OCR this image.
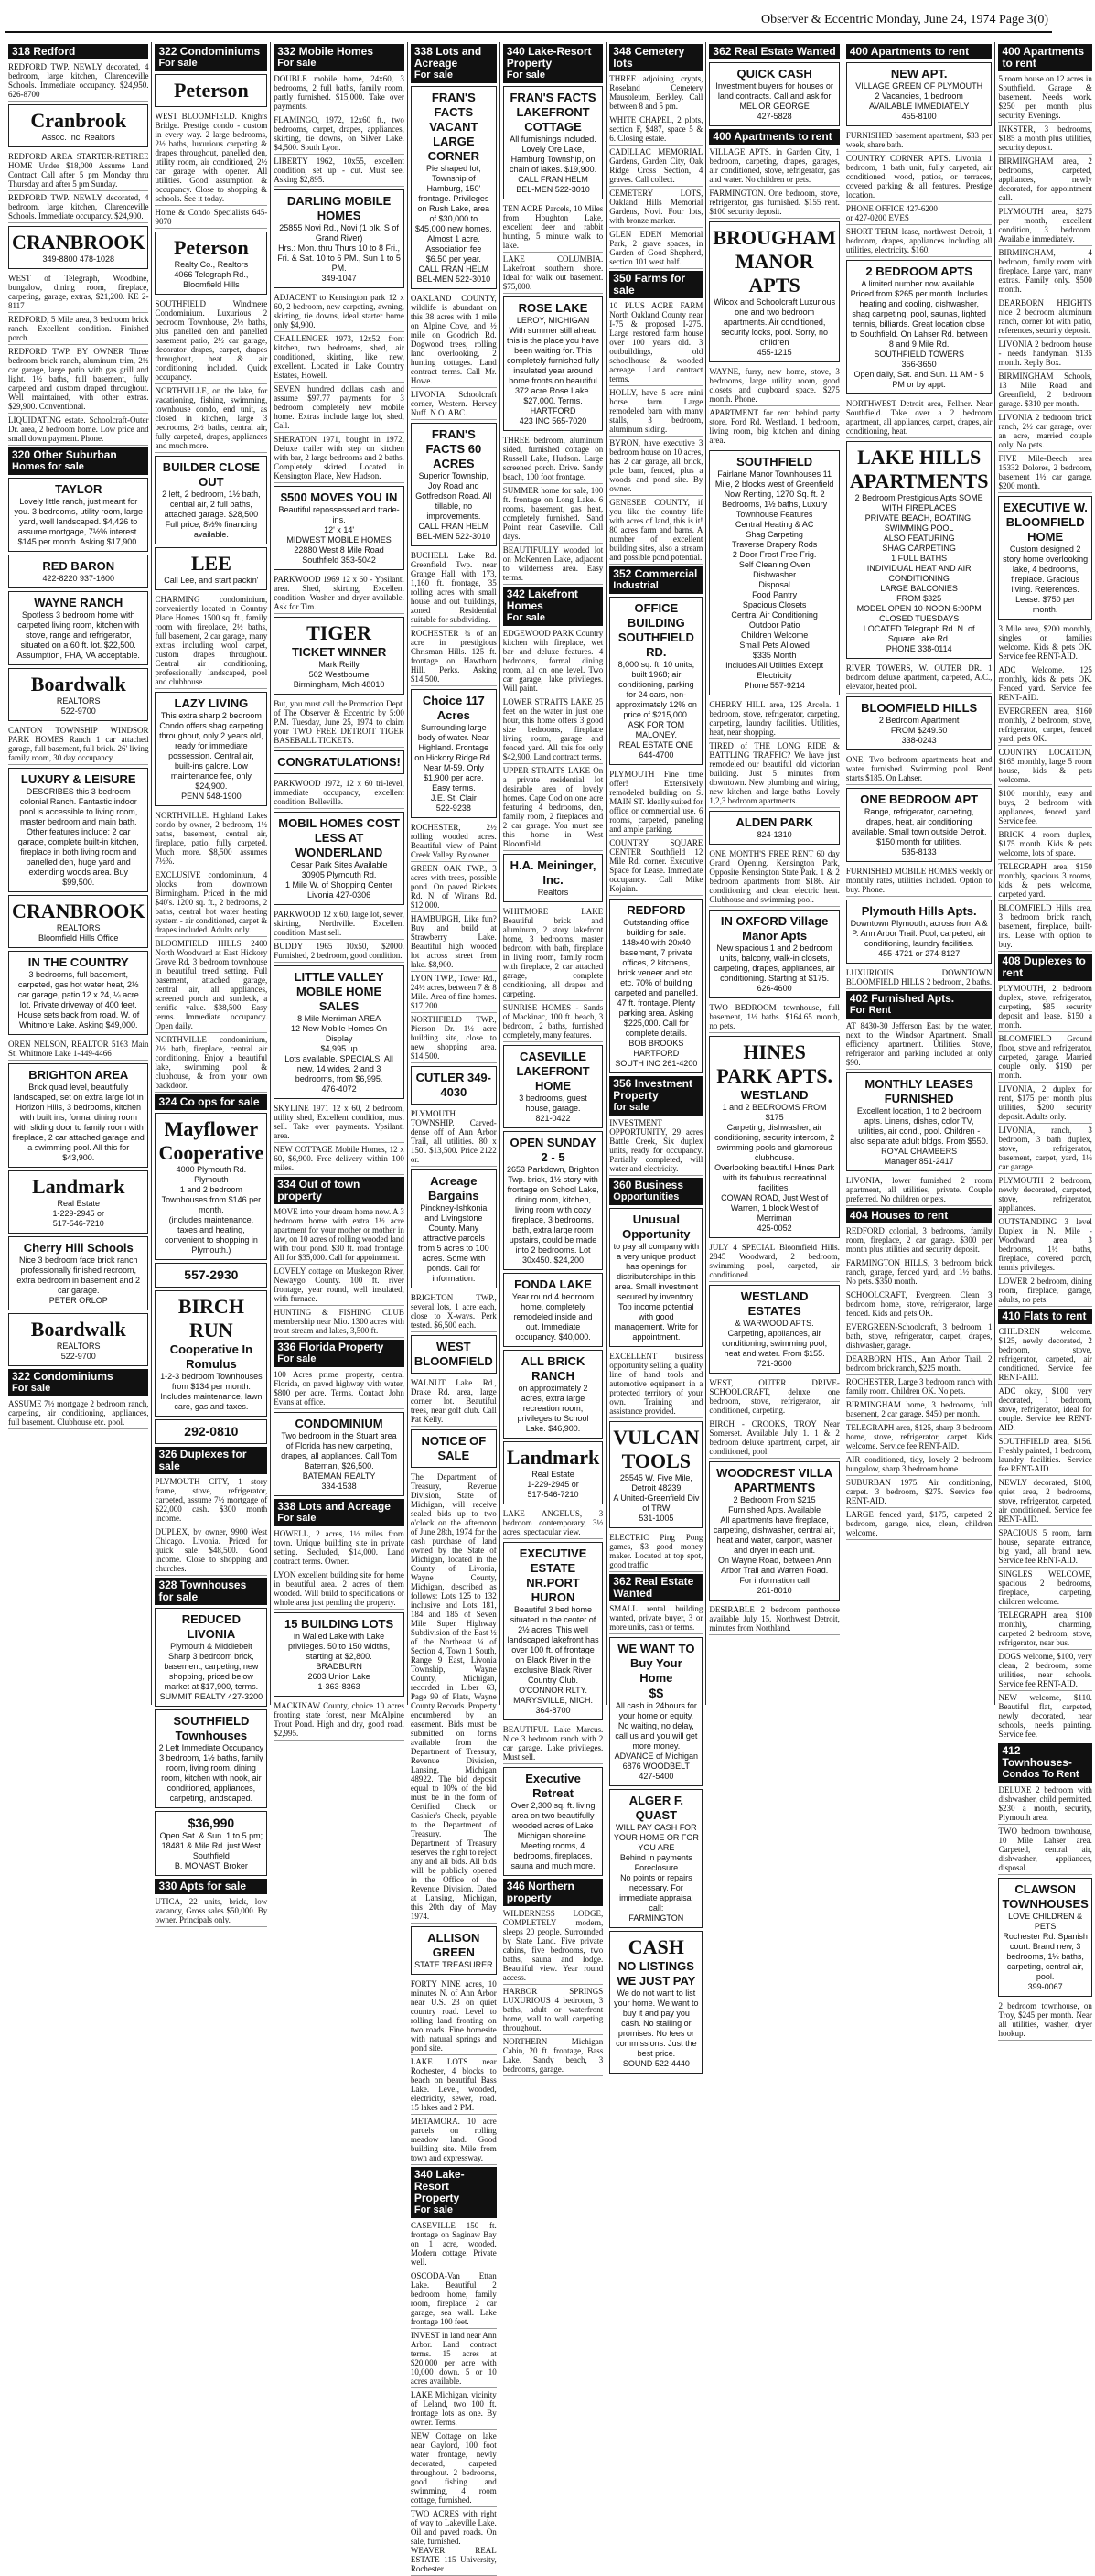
Observer & Eccentric Monday, June 24, 1974 Page 3(0)
318 Redford
REDFORD TWP. NEWLY decorated, 4 bedroom, large kitchen, Clarenceville Schools. Immediate occupancy. $24,950. 626-8700
Cranbrook
Assoc. Inc. Realtors
REDFORD AREA STARTER-RETIREE HOME Under $18,000 Assume Land Contract Call after 5 pm Monday thru Thursday and after 5 pm Sunday.
REDFORD TWP. NEWLY decorated, 4 bedroom, large kitchen, Clarenceville Schools. Immediate occupancy. $24,900.
CRANBROOK
349-8800 478-1028
WEST of Telegraph, Woodbine, bungalow, dining room, fireplace, carpeting, garage, extras, $21,200. KE 2-8117
REDFORD, 5 Mile area, 3 bedroom brick ranch. Excellent condition. Finished porch.
REDFORD TWP. BY OWNER Three bedroom brick ranch, aluminum trim, 2½ car garage, large patio with gas grill and light. 1½ baths, full basement, fully carpeted and custom draped throughout. Well maintained, with other extras. $29,900. Conventional.
LIQUIDATING estate. Schoolcraft-Outer Dr. area, 2 bedroom home. Low price and small down payment. Phone.
320 Other Suburban
Homes for sale
TAYLOR
Lovely little ranch, just meant for you. 3 bedrooms, utility room, large yard, well landscaped. $4,426 to assume mortgage, 7½% interest. $145 per month. Asking $17,900.
RED BARON
422-8220 937-1600
WAYNE RANCH
Spotless 3 bedroom home with carpeted living room, kitchen with stove, range and refrigerator, situated on a 60 ft. lot. $22,500. Assumption, FHA, VA acceptable.
Boardwalk
REALTORS
522-9700
CANTON TOWNSHIP WINDSOR PARK HOMES Ranch 1 car attached garage, full basement, full brick. 26' living family room, 30 day occupancy.
LUXURY & LEISURE
DESCRIBES this 3 bedroom colonial Ranch. Fantastic indoor pool is accessible to living room, master bedroom and main bath. Other features include: 2 car garage, complete built-in kitchen, fireplace in both living room and panelled den, huge yard and extending woods area. Buy $99,500.
CRANBROOK
REALTORS
Bloomfield Hills Office
IN THE COUNTRY
3 bedrooms, full basement, carpeted, gas hot water heat, 2½ car garage, patio 12 x 24, ¼ acre lot. Private driveway of 400 feet. House sets back from road. W. of Whitmore Lake. Asking $49,000.
OREN NELSON, REALTOR 5163 Main St. Whitmore Lake 1-449-4466
BRIGHTON AREA
Brick quad level, beautifully landscaped, set on extra large lot in Horizon Hills, 3 bedrooms, kitchen with built ins, formal dining room with sliding door to family room with fireplace, 2 car attached garage and a swimming pool. All this for $43,900.
Landmark
Real Estate
1-229-2945 or
517-546-7210
Cherry Hill Schools
Nice 3 bedroom face brick ranch professionally finished recroom, extra bedroom in basement and 2 car garage.
PETER ORLOP
Boardwalk
REALTORS
522-9700
322 Condominiums
For sale
ASSUME 7½ mortgage 2 bedroom ranch, carpeting, air conditioning, appliances, full basement. Clubhouse etc. pool.
322 Condominiums
For sale
Peterson
WEST BLOOMFIELD. Knights Bridge. Prestige condo - custom in every way. 2 large bedrooms, 2½ baths, luxurious carpeting & drapes throughout, panelled den, utility room, air conditioned, 2½ car garage with opener. All utilities. Good assumption & occupancy. Close to shopping & schools. See it today.
Home & Condo Specialists 645-9070
Peterson
Realty Co., Realtors
4066 Telegraph Rd., Bloomfield Hills
SOUTHFIELD Windmere Condominium. Luxurious 2 bedroom Townhouse, 2½ baths, plus panelled den and panelled basement patio, 2½ car garage, decorator drapes, carpet, drapes throughout, heat & air conditioning included. Quick occupancy.
NORTHVILLE, on the lake, for vacationing, fishing, swimming, townhouse condo, end unit, as closed in kitchen, large 3 bedrooms, 2½ baths, central air, fully carpeted, drapes, appliances and much more.
BUILDER CLOSE OUT
2 left, 2 bedroom, 1½ bath, central air, 2 full baths, attached garage. $28,500 Full price, 8½% financing available.
LEE
Call Lee, and start packin'
CHARMING condominium, conveniently located in Country Place Homes. 1500 sq. ft., family room with fireplace, 2½ baths, full basement, 2 car garage, many extras including wool carpet, custom drapes throughout. Central air conditioning, professionally landscaped, pool and clubhouse.
LAZY LIVING
This extra sharp 2 bedroom Condo offers shag carpeting throughout, only 2 years old, ready for immediate possession. Central air, built-ins galore. Low maintenance fee, only $24,900.
PENN 548-1900
NORTHVILLE. Highland Lakes condo by owner, 2 bedroom, 1½ baths, basement, central air, fireplace, patio, fully carpeted. Much more. $8,500 assumes 7½%.
EXCLUSIVE condominium, 4 blocks from downtown Birmingham. Priced in the mid $40's. 1200 sq. ft., 2 bedrooms, 2 baths, central hot water heating system - air conditioned, carpet & drapes included. Adults only.
BLOOMFIELD HILLS 2400 North Woodward at East Hickory Grove Rd. 3 bedroom townhouse in beautiful treed setting. Full basement, attached garage, central air, all appliances, screened porch and sundeck, a terrific value. $38,500. Easy terms. Immediate occupancy. Open daily.
NORTHVILLE condominium, 2½ bath, fireplace, central air conditioning. Enjoy a beautiful lake, swimming pool & clubhouse, & from your own backdoor.
324 Co ops for sale
Mayflower Cooperative
4000 Plymouth Rd. Plymouth
1 and 2 bedroom Townhouses from $146 per month.
(includes maintenance, taxes and heating, convenient to shopping in Plymouth.)
557-2930
BIRCH RUN
Cooperative In Romulus
1-2-3 bedroom Townhouses from $134 per month.
Includes maintenance, lawn care, gas and taxes.
292-0810
326 Duplexes for sale
PLYMOUTH CITY, 1 story frame, stove, refrigerator, carpeted, assume 7½ mortgage of $22,000 cash. $300 month income.
DUPLEX, by owner, 9900 West Chicago. Livonia. Priced for quick sale $48,500. Good income. Close to shopping and churches.
328 Townhouses for sale
REDUCED LIVONIA
Plymouth & Middlebelt
Sharp 3 bedroom brick, basement, carpeting, new shopping, priced below market at $17,900, terms.
SUMMIT REALTY 427-3200
SOUTHFIELD Townhouses
2 Left Immediate Occupancy
3 bedroom, 1½ baths, family room, living room, dining room, kitchen with nook, air conditioned, appliances, carpeting, landscaped.
$36,990
Open Sat. & Sun. 1 to 5 pm; 18481 & Mile Rd. just West Southfield
B. MONAST, Broker
330 Apts for sale
UTICA, 22 units, brick, low vacancy, Gross sales $50,000. By owner. Principals only.
332 Mobile Homes
For sale
DOUBLE mobile home, 24x60, 3 bedrooms, 2 full baths, family room, partly furnished. $15,000. Take over payments.
FLAMINGO, 1972, 12x60 ft., two bedrooms, carpet, drapes, appliances, skirting, tie downs, on Silver Lake. $4,500. South Lyon.
LIBERTY 1962, 10x55, excellent condition, set up - cut. Must see. Asking $2,895.
DARLING MOBILE HOMES
25855 Novi Rd., Novi (1 blk. S of Grand River)
Hrs.: Mon. thru Thurs 10 to 8 Fri., Fri. & Sat. 10 to 6 PM., Sun 1 to 5 PM.
349-1047
ADJACENT to Kensington park 12 x 60, 2 bedroom, new carpeting, awning, skirting, tie downs, ideal starter home only $4,900.
CHALLENGER 1973, 12x52, front kitchen, two bedrooms, shed, air conditioned, skirting, like new, excellent. Located in Lake Country Estates, Howell.
SEVEN hundred dollars cash and assume $97.77 payments for 3 bedroom completely new mobile home. Extras include large lot, shed, Call.
SHERATON 1971, bought in 1972, Deluxe trailer with step on kitchen with bar, 2 large bedrooms and 2 baths. Completely skirted. Located in Kensington Place, New Hudson.
$500 MOVES YOU IN
Beautiful repossessed and trade-ins.
12' x 14'
MIDWEST MOBILE HOMES 22880 West 8 Mile Road
Southfield 353-5042
PARKWOOD 1969 12 x 60 - Ypsilanti area. Shed, skirting, Excellent condition. Washer and dryer available. Ask for Tim.
TIGER
TICKET WINNER
Mark Reilly
502 Westbourne
Birmingham, Mich 48010
But, you must call the Promotion Dept. of The Observer & Eccentric by 5:00 P.M. Tuesday, June 25, 1974 to claim your TWO FREE DETROIT TIGER BASEBALL TICKETS.
CONGRATULATIONS!
PARKWOOD 1972, 12 x 60 tri-level, immediate occupancy, excellent condition. Belleville.
MOBIL HOMES COST LESS AT WONDERLAND
Cesar Park Sites Available
30905 Plymouth Rd.
1 Mile W. of Shopping Center
Livonia 427-0306
PARKWOOD 12 x 60, large lot, sewer, skirting, Northville. Excellent condition. Must sell.
BUDDY 1965 10x50, $2000. Furnished, 2 bedroom, good condition.
LITTLE VALLEY MOBILE HOME SALES
8 Mile Merriman AREA
12 New Mobile Homes On Display
$4,995 up
Lots available. SPECIALS! All new, 14 wides, 2 and 3 bedrooms, from $6,995.
476-4072
SKYLINE 1971 12 x 60, 2 bedroom, utility shed, Excellent condition, must sell. Take over payments. Ypsilanti area.
NEW COTTAGE Mobile Homes, 12 x 60, $6,900. Free delivery within 100 miles.
334 Out of town property
MOVE into your dream home now. A 3 bedroom home with extra 1½ acre apartment for your mother or mother in law, on 10 acres of rolling wooded land with trout pond. $30 ft. road frontage. All for $35,000. Call for appointment.
LOVELY cottage on Muskegon River, Newaygo County. 100 ft. river frontage, year round, well insulated, with furnace.
HUNTING & FISHING CLUB membership near Mio. 1300 acres with trout stream and lakes, 3,500 ft.
336 Florida Property
For sale
100 Acres prime property, central Florida, on paved highway with water, $800 per acre. Terms. Contact John Evans at office.
CONDOMINIUM
Two bedroom in the Stuart area of Florida has new carpeting, drapes, all appliances. Call Tom Bateman, $26,500.
BATEMAN REALTY
334-1538
338 Lots and Acreage
For sale
HOWELL, 2 acres, 1½ miles from town. Unique building site in private setting. Secluded, $14,000. Land contract terms. Owner.
LYON excellent building site for home in beautiful area. 2 acres of them wooded. Will build to specifications or whole area just pending the property.
15 BUILDING LOTS
in Walled Lake with Lake privileges. 50 to 150 widths, starting at $2,800.
BRADBURN
2603 Union Lake
1-363-8363
MACKINAW County, choice 10 acres fronting state forest, near McAlpine Trout Pond. High and dry, good road. $2,995.
338 Lots and Acreage
For sale
FRAN'S FACTS VACANT LARGE CORNER
Pie shaped lot, Township of Hamburg, 150' frontage. Privileges on Rush Lake, area of $30,000 to $45,000 new homes. Almost 1 acre. Association fee $6.50 per year.
CALL FRAN HELM
BEL-MEN 522-3010
OAKLAND COUNTY, wildlife is abundant on this 38 acres with 1 mile on Alpine Cove, and ½ mile on Goodrich Rd. Dogwood trees, rolling land overlooking, 2 hunting cottages. Land contract terms. Call Mr. Howe.
LIVONIA, Schoolcraft corner, Western. Hervey Nuff. N.O. ABC.
FRAN'S FACTS 60 ACRES
Superior Township, Joy Road and Gotfredson Road. All tillable, no improvements.
CALL FRAN HELM
BEL-MEN 522-3010
BUCHELL Lake Rd. Greenfield Twp. near Grange Hall with 173, 1,160 ft. frontage, 35 rolling acres with small house and out buildings, zoned Residential suitable for subdividing.
ROCHESTER ¾ of an acre in prestigious Chrisman Hills. 125 ft. frontage on Hawthorn Hill. Perks. Asking $14,500.
Choice 117 Acres
Surrounding large body of water. Near Highland. Frontage on Hickory Ridge Rd. Near M-59. Only $1,900 per acre. Easy terms.
J.E. St. Clair
522-9238
ROCHESTER, 2½ rolling wooded acres. Beautiful view of Paint Creek Valley. By owner.
GREEN OAK TWP., 3 acres with trees, possible pond. On paved Rickets Rd. N. of Winans Rd. $12,000.
HAMBURGH, Like fun? Buy and build at Strawberry Lake. Beautiful high wooded lot across street from lake. $8,900.
LYON TWP., Tower Rd., 24½ acres, between 7 & 8 Mile. Area of fine homes. $17,200.
NORTHFIELD TWP., Pierson Dr. 1½ acre building site, close to new shopping area. $14,500.
CUTLER 349-4030
PLYMOUTH TOWNSHIP. Carved-dense off of Ann Arbor Trail, all utilities. 80 x 150'. $13,500. Price 2122 or.
Acreage Bargains
Pinckney-Ishkonia and Livingstone County. Many attractive parcels from 5 acres to 100 acres. Some with ponds. Call for information.
BRIGHTON TWP., several lots, 1 acre each, close to X-ways. Perk tested. $6,500 each.
WEST BLOOMFIELD
WALNUT Lake Rd., Drake Rd. area, large corner lot. Beautiful trees, near golf club. Call Pat Kelly.
NOTICE OF SALE
The Department of Treasury, Revenue Division, State of Michigan, will receive sealed bids up to two o'clock on the afternoon of June 28th, 1974 for the cash purchase of land owned by the State of Michigan, located in the County of Livonia, Wayne County, Michigan, described as follows: Lots 125 to 132 inclusive and Lots 181, 184 and 185 of Seven Mile Super Highway Subdivision of the East ½ of the Northeast ¼ of Section 4, Town 1 South, Range 9 East, Livonia Township, Wayne County, Michigan, recorded in Liber 63, Page 99 of Plats, Wayne County Records. Property encumbered by an easement. Bids must be submitted on forms available from the Department of Treasury, Revenue Division, Lansing, Michigan 48922. The bid deposit equal to 10% of the bid must be in the form of Certified Check or Cashier's Check, payable to the Department of Treasury. The Department of Treasury reserves the right to reject any and all bids. All bids will be publicly opened in the Office of the Revenue Division. Dated at Lansing, Michigan, this 20th day of May 1974.
ALLISON GREEN
STATE TREASURER
FORTY NINE acres, 10 minutes N. of Ann Arbor near U.S. 23 on quiet country road. Level to rolling land fronting on two roads. Fine homesite with natural springs and pond site.
LAKE LOTS near Rochester, 4 blocks to beach on beautiful Bass Lake. Level, wooded, electricity, sewer, road. 15 lakes and 2 PM.
METAMORA. 10 acre parcels on rolling meadow land. Good building site. Mile from town and expressway.
340 Lake-Resort Property
For sale
CASEVILLE 150 ft. frontage on Saginaw Bay on 1 acre, wooded. Modern cottage. Private well.
OSCODA-Van Ettan Lake. Beautiful 2 bedroom home, family room, fireplace, 2 car garage, sea wall. Lake frontage 100 feet.
INVEST in land near Ann Arbor. Land contract terms. 15 acres at $20,000 per acre with 10,000 down. 5 or 10 acres available.
LAKE Michigan, vicinity of Leland, two 100 ft. frontage lots as one. By owner. Terms.
NEW Cottage on lake near Gaylord, 100 foot water frontage, newly decorated, carpeted throughout. 2 bedrooms, good fishing and swimming, 4 room cottage, furnished.
TWO ACRES with right of way to Lakeville Lake. Oil and paved roads. On sale, furnished.
WEAVER REAL ESTATE 115 University, Rochester
340 Lake-Resort Property
For sale
FRAN'S FACTS LAKEFRONT COTTAGE
All furnishings included. Lovely Ore Lake, Hamburg Township, on chain of lakes. $19,900.
CALL FRAN HELM
BEL-MEN 522-3010
TEN ACRE Parcels, 10 Miles from Houghton Lake, excellent deer and rabbit hunting, 5 minute walk to lake.
LAKE COLUMBIA. Lakefront southern shore. Ideal for walk out basement. $75,000.
ROSE LAKE
LEROY, MICHIGAN
With summer still ahead this is the place you have been waiting for. This completely furnished fully insulated year around home fronts on beautiful 372 acre Rose Lake. $27,000. Terms.
HARTFORD
423 INC 565-7020
THREE bedroom, aluminum sided, furnished cottage on Russell Lake, Hudson. Large screened porch. Drive. Sandy beach, 100 foot frontage.
SUMMER home for sale, 100 ft. frontage on Long Lake. 6 rooms, basement, gas heat, completely furnished. Sand Point near Caseville. Call days.
BEAUTIFULLY wooded lot on McKennen Lake, adjacent to wilderness area. Easy terms.
342 Lakefront Homes
For sale
EDGEWOOD PARK Country kitchen with fireplace, wet bar and deluxe features. 4 bedrooms, formal dining room, all on one level. Two car garage, lake privileges. Will paint.
LOWER STRAITS LAKE 25 feet on the water in just one hour, this home offers 3 good size bedrooms, fireplace living room, garage and fenced yard. All this for only $42,900. Land contract terms.
UPPER STRAITS LAKE On a private residential lot desirable area of lovely homes. Cape Cod on one acre featuring 4 bedrooms, den, family room, 2 fireplaces and 2 car garage. You must see this home in West Bloomfield.
H.A. Meininger, Inc.
Realtors
WHITMORE LAKE Beautiful brick and aluminum, 2 story lakefront home, 3 bedrooms, master bedroom with bath, fireplace in living room, family room with fireplace, 2 car attached garage, complete conditioning, all drapes and carpeting.
SUNRISE HOMES - Sands of Mackinac, 100 ft. beach, 3 bedroom, 2 baths, furnished completely, many features.
CASEVILLE LAKEFRONT HOME
3 bedrooms, guest house, garage.
821-0422
OPEN SUNDAY 2 - 5
2653 Parkdown, Brighton Twp. brick, 1½ story with frontage on School Lake, dining room, kitchen, living room with cozy fireplace, 3 bedrooms, bath, extra large room upstairs, could be made into 2 bedrooms. Lot 30x450. $24,200
FONDA LAKE
Year round 4 bedroom home, completely remodeled inside and out. Immediate occupancy. $40,000.
ALL BRICK RANCH
on approximately 2 acres, extra large recreation room, privileges to School Lake. $46,900.
Landmark
Real Estate
1-229-2945 or
517-546-7210
LAKE ANGELUS, 3 bedroom contemporary, 3½ acres, spectacular view.
EXECUTIVE ESTATE NR.PORT HURON
Beautiful 3 bed home situated in the center of 2½ acres. This well landscaped lakefront has over 100 ft. of frontage on Black River in the exclusive Black River Country Club.
O'CONNOR RLTY.
MARYSVILLE, MICH.
364-8700
BEAUTIFUL Lake Marcus. Nice 3 bedroom ranch with 2 car garage. Lake privileges. Must sell.
Executive Retreat
Over 2,300 sq. ft. living area on two beautifully wooded acres of Lake Michigan shoreline. Meeting rooms, 4 bedrooms, fireplaces, sauna and much more.
346 Northern property
WILDERNESS LODGE, COMPLETELY modern, sleeps 20 people. Surrounded by State Land. Five private cabins, five bedrooms, two baths, sauna and lodge. Beautiful view. Year round access.
HARBOR SPRINGS LUXURIOUS 4 bedroom, 3 baths, adult or waterfront home, wall to wall carpeting throughout.
NORTHERN Michigan Cabin, 20 ft. frontage, Bass Lake. Sandy beach, 3 bedrooms, garage.
348 Cemetery lots
THREE adjoining crypts, Roseland Cemetery Mausoleum, Berkley. Call between 8 and 5 pm.
WHITE CHAPEL, 2 plots, section F, $487, space 5 & 6. Closing estate.
CADILLAC MEMORIAL Gardens, Garden City, Oak Ridge Cross Section, 4 graves. Call collect.
CEMETERY LOTS, Oakland Hills Memorial Gardens, Novi. Four lots, with bronze marker.
GLEN EDEN Memorial Park, 2 grave spaces, in Garden of Good Shepherd, section 101 west half.
350 Farms for sale
10 PLUS ACRE FARM North Oakland County near I-75 & proposed I-275. Large restored farm house over 100 years old. 3 outbuildings, old schoolhouse & wooded acreage. Land contract terms.
HOLLY, have 5 acre mini horse farm. Large remodeled barn with many stalls, 3 bedroom, aluminum siding.
BYRON, have executive 3 bedroom house on 10 acres, has 2 car garage, all brick, pole barn, fenced, plus a woods and pond site. By owner.
GENESEE COUNTY, if you like the country life with acres of land, this is it! 80 acres farm and barns. A number of excellent building sites, also a stream and possible pond potential.
352 Commercial
Industrial
OFFICE BUILDING SOUTHFIELD RD.
8,000 sq. ft. 10 units, built 1968; air conditioning, parking for 24 cars, non-approximately 12% on price of $215,000.
ASK FOR TOM MALONEY.
REAL ESTATE ONE
644-4700
PLYMOUTH Fine time offer! Extensively remodeled building on S. MAIN ST. Ideally suited for office or commercial use. 6 rooms, carpeted, paneling and ample parking.
COUNTRY SQUARE CENTER Southfield 12 Mile Rd. corner. Executive Space for Lease. Immediate occupancy. Call Mike Kojaian.
REDFORD
Outstanding office building for sale. 148x40 with 20x40 basement, 7 private offices, 2 kitchens, brick veneer and etc. etc. 70% of building carpeted and panelled. 47 ft. frontage. Plenty parking area. Asking $225,000. Call for complete details.
BOB BROOKS
HARTFORD
SOUTH INC 261-4200
356 Investment Property
for sale
INVESTMENT OPPORTUNITY, 29 acres Battle Creek, Six duplex units, ready for occupancy. Partially completed, will water and electricity.
360 Business
Opportunities
Unusual Opportunity
to pay all company with a very unique product has openings for distributorships in this area. Small investment secured by inventory. Top income potential with good management. Write for appointment.
EXCELLENT business opportunity selling a quality line of hand tools and automotive equipment in a protected territory of your own. Training and assistance provided.
VULCAN TOOLS
25545 W. Five Mile, Detroit 48239
A United-Greenfield Div of TRW
531-1005
ELECTRIC Ping Pong games, $3 good money maker. Located at top spot, good traffic.
362 Real Estate Wanted
SMALL rental building wanted, private buyer, 3 or more units, cash or terms.
WE WANT TO Buy Your Home
$$
All cash in 24hours for your home or equity. No waiting, no delay, call us and you will get more money.
ADVANCE of Michigan
6876 WOODBELT
427-5400
ALGER F. QUAST
WILL PAY CASH FOR YOUR HOME OR FOR YOU ARE
Behind in payments
Foreclosure
No points or repairs necessary. For immediate appraisal call:
FARMINGTON
CASH
NO LISTINGS WE JUST PAY
We do not want to list your home. We want to buy it and pay you cash. No stalling or promises. No fees or commissions. Just the best price.
SOUND 522-4440
362 Real Estate Wanted
QUICK CASH
Investment buyers for houses or land contracts. Call and ask for
MEL OR GEORGE
427-5828
400 Apartments to rent
VILLAGE APTS. in Garden City, 1 bedroom, carpeting, drapes, garages, air conditioned, stove, refrigerator, gas and water. No children or pets.
FARMINGTON. One bedroom, stove, refrigerator, gas furnished. $155 rent. $100 security deposit.
BROUGHAM MANOR APTS
Wilcox and Schoolcraft Luxurious one and two bedroom apartments. Air conditioned, security locks, pool. Sorry, no children
455-1215
WAYNE, furry, new home, stove, 3 bedrooms, large utility room, good closets and cupboard space. $275 month. Phone.
APARTMENT for rent behind party store. Ford Rd. Westland. 1 bedroom, living room, big kitchen and dining area.
SOUTHFIELD
Fairlane Manor Townhouses 11 Mile, 2 blocks west of Greenfield Now Renting, 1270 Sq. ft. 2 Bedrooms, 1½ baths, Luxury Townhouse Features
Central Heating & AC
Shag Carpeting
Traverse Drapery Rods
2 Door Frost Free Frig.
Self Cleaning Oven
Dishwasher
Disposal
Food Pantry
Spacious Closets
Central Air Conditioning
Outdoor Patio
Children Welcome
Small Pets Allowed
$335 Month
Includes All Utilities Except Electricity
Phone 557-9214
CHERRY HILL area, 125 Arcola. 1 bedroom, stove, refrigerator, carpeting, carpeting, laundry facilities. Utilities, heat, near shopping.
TIRED of THE LONG RIDE & BATTLING TRAFFIC? We have just remodeled our beautiful old victorian building. Just 5 minutes from downtown. New plumbing and wiring, new kitchen and large baths. Lovely 1,2,3 bedroom apartments.
ALDEN PARK
824-1310
ONE MONTH'S FREE RENT 60 day Grand Opening. Kensington Park, Opposite Kensington State Park. 1 & 2 bedroom apartments from $186. Air conditioning and clean electric heat. Clubhouse and swimming pool.
IN OXFORD Village Manor Apts
New spacious 1 and 2 bedroom units, balcony, walk-in closets, carpeting, drapes, appliances, air conditioning. Starting at $175.
626-4600
TWO BEDROOM townhouse, full basement, 1½ baths. $164.65 month, no pets.
HINES PARK APTS.
WESTLAND
1 and 2 BEDROOMS FROM $175
Carpeting, dishwasher, air conditioning, security intercom, 2 swimming pools and glamorous clubhouse.
Overlooking beautiful Hines Park with its fabulous recreational facilities.
COWAN ROAD, Just West of Warren, 1 block West of Merriman
425-0052
JULY 4 SPECIAL Bloomfield Hills. 2845 Woodward, 2 bedroom, swimming pool, carpeted, air conditioned.
WESTLAND ESTATES
& WARWOOD APTS.
Carpeting, appliances, air conditioning, swimming pool, heat and water. From $155.
721-3600
WEST, OUTER DRIVE-SCHOOLCRAFT, deluxe one bedroom, stove, refrigerator, air conditioned, carpeting.
BIRCH - CROOKS, TROY Near Somerset. Available July 1. 1 & 2 bedroom deluxe apartment, carpet, air conditioned, pool.
WOODCREST VILLA APARTMENTS
2 Bedroom From $215
Furnished Apts. Available
All apartments have fireplace, carpeting, dishwasher, central air, heat and water, carport, washer and dryer in each unit.
On Wayne Road, between Ann Arbor Trail and Warren Road.
For information call
261-8010
DESIRABLE 2 bedroom penthouse available July 15. Northwest Detroit, minutes from Northland.
400 Apartments to rent
NEW APT.
VILLAGE GREEN OF PLYMOUTH
2 Vacancies, 1 bedroom
AVAILABLE IMMEDIATELY
455-8100
FURNISHED basement apartment, $33 per week, share bath.
COUNTRY CORNER APTS. Livonia, 1 bedroom, 1 bath unit, fully carpeted, air conditioned, wood, patios, or terraces, covered parking & all features. Prestige location.
PHONE OFFICE 427-6200
or 427-0200 EVES
SHORT TERM lease, northwest Detroit, 1 bedroom, drapes, appliances including all utilities, electricity. $160.
2 BEDROOM APTS
A limited number now available. Priced from $265 per month. Includes heating and cooling, dishwasher, shag carpeting, pool, saunas, lighted tennis, billiards. Great location close to Southfield. On Lahser Rd. between 8 and 9 Mile Rd.
SOUTHFIELD TOWERS
356-3650
Open daily, Sat. and Sun. 11 AM - 5 PM or by appt.
NORTHWEST Detroit area, Fellner. Near Southfield. Take over a 2 bedroom apartment, all appliances, carpet, drapes, air conditioning, heat.
LAKE HILLS APARTMENTS
2 Bedroom Prestigious Apts SOME WITH FIREPLACES
PRIVATE BEACH, BOATING, SWIMMING POOL
ALSO FEATURING
SHAG CARPETING
1 FULL BATHS
INDIVIDUAL HEAT AND AIR CONDITIONING
LARGE BALCONIES
FROM $325
MODEL OPEN 10-NOON-5:00PM
CLOSED TUESDAYS
LOCATED Telegraph Rd. N. of Square Lake Rd.
PHONE 338-0114
RIVER TOWERS, W. OUTER DR. 1 bedroom deluxe apartment, carpeted, A.C., elevator, heated pool.
BLOOMFIELD HILLS
2 Bedroom Apartment
FROM $249.50
338-0243
ONE, Two bedroom apartments heat and water furnished. Swimming pool. Rent starts $185. On Lahser.
ONE BEDROOM APT
Range, refrigerator, carpeting, drapes, heat, air conditioning available. Small town outside Detroit. $150 month for utilities.
535-8133
FURNISHED MOBILE HOMES weekly or monthly rates, utilities included. Option to buy. Phone.
Plymouth Hills Apts.
Downtown Plymouth, across from A & P. Ann Arbor Trail. Pool, carpeted, air conditioning, laundry facilities.
455-4721 or 274-8127
LUXURIOUS DOWNTOWN BLOOMFIELD HILLS 2 bedroom, 2 baths.
402 Furnished Apts.
For Rent
AT 8430-30 Jefferson East by the water, next to the Windsor Apartment. Small efficiency apartment. Utilities. Stove, refrigerator and parking included at only $90.
MONTHLY LEASES FURNISHED
Excellent location, 1 to 2 bedroom apts. Linens, dishes, color TV, utilities, air cond., pool. Children - also separate adult bldgs. From $550.
ROYAL CHAMBERS
Manager 851-2417
LIVONIA, lower furnished 2 room apartment, all utilities, private. Couple preferred. No children or pets.
404 Houses to rent
REDFORD colonial, 3 bedrooms, family room, fireplace, 2 car garage. $300 per month plus utilities and security deposit.
FARMINGTON HILLS, 3 bedroom brick ranch, garage, fenced yard, and 1½ baths. No pets. $350 month.
SCHOOLCRAFT, Evergreen. Clean 3 bedroom home, stove, refrigerator, large fenced. Kids and pets OK.
EVERGREEN-Schoolcraft, 3 bedroom, 1 bath, stove, refrigerator, carpet, drapes, dishwasher, garage.
DEARBORN HTS., Ann Arbor Trail. 2 bedroom brick ranch, $225 month.
ROCHESTER, Large 3 bedroom ranch with family room. Children OK. No pets.
BIRMINGHAM home, 3 bedrooms, full basement, 2 car garage. $450 per month.
TELEGRAPH area, $125, sharp 3 bedroom home, stove, refrigerator, carpet. Kids welcome. Service fee RENT-AID.
AIR conditioned, tidy, lovely 2 bedroom bungalow, sharp 3 bedroom home.
SUBURBAN 1975. Air conditioning, carpet. 3 bedroom, $275. Service fee RENT-AID.
LARGE fenced yard, $175, carpeted 2 bedroom, garage, nice, clean, children welcome.
400 Apartments to rent
5 room house on 12 acres in Southfield. Garage & basement. Needs work. $250 per month plus security. Evenings.
INKSTER, 3 bedrooms, $185 a month plus utilities, security deposit.
BIRMINGHAM area, 2 bedrooms, carpeted, appliances, newly decorated, for appointment call.
PLYMOUTH area, $275 per month, excellent condition, 3 bedroom. Available immediately.
BIRMINGHAM, 4 bedroom, family room with fireplace. Large yard, many extras. Family only. $500 month.
DEARBORN HEIGHTS nice 2 bedroom aluminum ranch, corner lot with patio, references, security deposit.
LIVONIA 2 bedroom house - needs handyman. $135 month. Reply Box.
BIRMINGHAM Schools, 13 Mile Road and Greenfield, 2 bedroom garage. $310 per month.
LIVONIA 2 bedroom brick ranch, 2½ car garage, over an acre, married couple only. No pets.
FIVE Mile-Beech area 15332 Dolores, 2 bedroom, basement 1½ car garage. $200 month.
EXECUTIVE W. BLOOMFIELD HOME
Custom designed 2 story home overlooking lake, 4 bedrooms, fireplace. Gracious living. References. Lease. $750 per month.
3 Mile area, $200 monthly, singles or families welcome. Kids & pets OK. Service fee RENT-AID.
ADC Welcome. 125 monthly, kids & pets OK. Fenced yard. Service fee RENT-AID.
EVERGREEN area, $160 monthly, 2 bedroom, stove, refrigerator, carpet, fenced yard, pets OK.
COUNTRY LOCATION, $165 monthly, large 5 room house, kids & pets welcome.
$100 monthly, easy and buys, 2 bedroom with appliances, fenced yard. Service fee.
BRICK 4 room duplex, $175 month. Kids & pets welcome, lots of space.
TELEGRAPH area, $150 monthly, spacious 3 rooms, kids & pets welcome, carpeted yard.
BLOOMFIELD Hills area, 3 bedroom brick ranch, basement, fireplace, built-ins. Lease with option to buy.
408 Duplexes to rent
PLYMOUTH, 2 bedroom duplex, stove, refrigerator, carpeting, $85 security deposit and lease. $150 a month.
BLOOMFIELD Ground floor, stove and refrigerator, carpeted, garage. Married couple only. $190 per month.
LIVONIA, 2 duplex for rent, $175 per month plus utilities, $200 security deposit. Adults only.
LIVONIA, ranch, 3 bedroom, 3 bath duplex, stove, refrigerator, basement, carpet, yard, 1½ car garage.
PLYMOUTH 2 bedroom, newly decorated, carpeted, stove, refrigerator, appliances.
OUTSTANDING 3 level Duplex in N. Mile - Woodward area. 3 bedrooms, 1½ baths, fireplace, covered porch, tennis privileges.
LOWER 2 bedroom, dining room, fireplace, garage, adults, no pets.
410 Flats to rent
CHILDREN welcome. $125, newly decorated, 2 bedroom, stove, refrigerator, carpeted, air conditioned. Service fee RENT-AID.
ADC okay, $100 very decorated, 1 bedroom, stove, refrigerator, ideal for couple. Service fee RENT-AID.
SOUTHFIELD area, $156. Freshly painted, 1 bedroom, laundry facilities. Service fee RENT-AID.
NEWLY decorated, $100, quiet area, 2 bedrooms, stove, refrigerator, carpeted, air conditioned. Service fee RENT-AID.
SPACIOUS 5 room, farm house, separate entrance, big yard, all brand new. Service fee RENT-AID.
SINGLES WELCOME, spacious 2 bedrooms, fireplace, carpeting, children welcome.
TELEGRAPH area, $100 monthly, charming, carpeted 2 bedroom, stove, refrigerator, near bus.
DOGS welcome, $100, very clean, 2 bedroom, some utilities, near schools. Service fee RENT-AID.
NEW welcome, $110. Beautiful flat, carpeted, newly decorated, near schools, needs painting. Service fee.
412 Townhouses-
Condos To Rent
DELUXE 2 bedroom with dishwasher, child permitted. $230 a month, security, Plymouth area.
TWO bedroom townhouse, 10 Mile Lahser area. Carpeted, central air, dishwasher, appliances, disposal.
CLAWSON TOWNHOUSES
LOVE CHILDREN & PETS
Rochester Rd. Spanish court. Brand new, 3 bedrooms, 1½ baths, carpeting, central air, pool.
399-0067
2 bedroom townhouse, on Troy, $245 per month. Near all utilities, washer, dryer hookup.
